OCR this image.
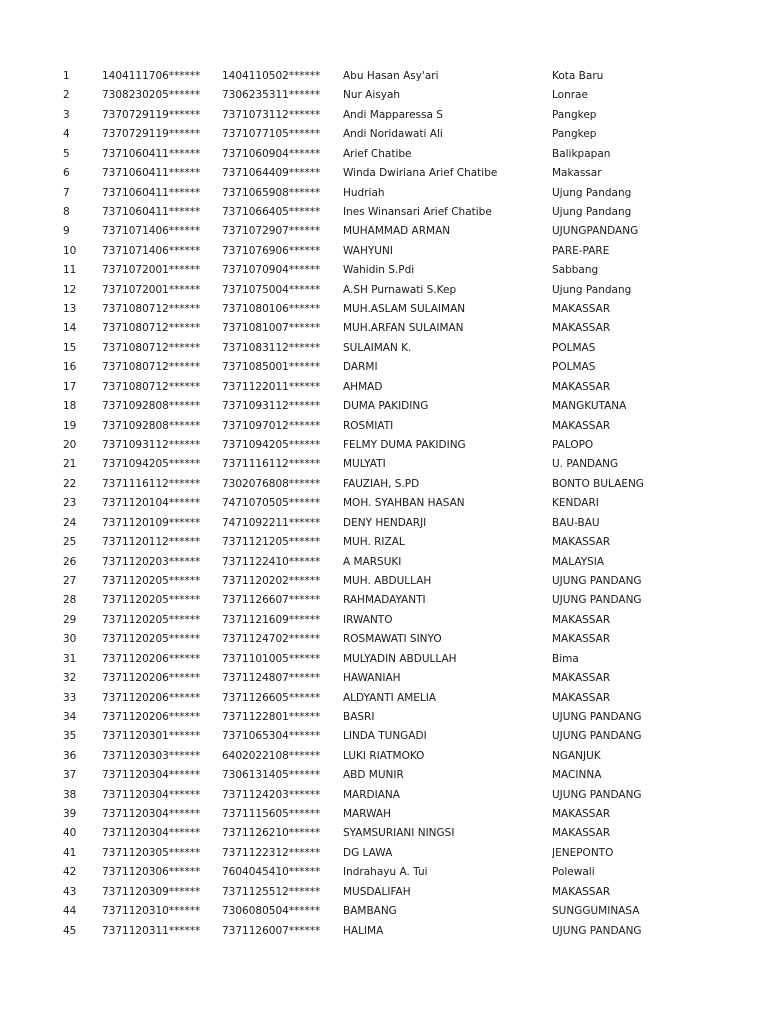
1	1404111706******	1404110502******	Abu Hasan Asy'ari	Kota Baru
2	7308230205******	7306235311******	Nur Aisyah	Lonrae
3	7370729119******	7371073112******	Andi Mapparessa S	Pangkep
4	7370729119******	7371077105******	Andi Noridawati Ali	Pangkep
5	7371060411******	7371060904******	Arief Chatibe	Balikpapan
6	7371060411******	7371064409******	Winda Dwiriana Arief Chatibe	Makassar
7	7371060411******	7371065908******	Hudriah	Ujung Pandang
8	7371060411******	7371066405******	Ines Winansari Arief Chatibe	Ujung Pandang
9	7371071406******	7371072907******	MUHAMMAD ARMAN	UJUNGPANDANG
10	7371071406******	7371076906******	WAHYUNI	PARE-PARE
11	7371072001******	7371070904******	Wahidin S.Pdi	Sabbang
12	7371072001******	7371075004******	A.SH Purnawati S.Kep	Ujung Pandang
13	7371080712******	7371080106******	MUH.ASLAM SULAIMAN	MAKASSAR
14	7371080712******	7371081007******	MUH.ARFAN SULAIMAN	MAKASSAR
15	7371080712******	7371083112******	SULAIMAN K.	POLMAS
16	7371080712******	7371085001******	DARMI	POLMAS
17	7371080712******	7371122011******	AHMAD	MAKASSAR
18	7371092808******	7371093112******	DUMA PAKIDING	MANGKUTANA
19	7371092808******	7371097012******	ROSMIATI	MAKASSAR
20	7371093112******	7371094205******	FELMY DUMA PAKIDING	PALOPO
21	7371094205******	7371116112******	MULYATI	U. PANDANG
22	7371116112******	7302076808******	FAUZIAH, S.PD	BONTO BULAENG
23	7371120104******	7471070505******	MOH. SYAHBAN HASAN	KENDARI
24	7371120109******	7471092211******	DENY HENDARJI	BAU-BAU
25	7371120112******	7371121205******	MUH. RIZAL	MAKASSAR
26	7371120203******	7371122410******	A MARSUKI	MALAYSIA
27	7371120205******	7371120202******	MUH. ABDULLAH	UJUNG PANDANG
28	7371120205******	7371126607******	RAHMADAYANTI	UJUNG PANDANG
29	7371120205******	7371121609******	IRWANTO	MAKASSAR
30	7371120205******	7371124702******	ROSMAWATI SINYO	MAKASSAR
31	7371120206******	7371101005******	MULYADIN ABDULLAH	Bima
32	7371120206******	7371124807******	HAWANIAH	MAKASSAR
33	7371120206******	7371126605******	ALDYANTI AMELIA	MAKASSAR
34	7371120206******	7371122801******	BASRI	UJUNG PANDANG
35	7371120301******	7371065304******	LINDA TUNGADI	UJUNG PANDANG
36	7371120303******	6402022108******	LUKI RIATMOKO	NGANJUK
37	7371120304******	7306131405******	ABD MUNIR	MACINNA
38	7371120304******	7371124203******	MARDIANA	UJUNG PANDANG
39	7371120304******	7371115605******	MARWAH	MAKASSAR
40	7371120304******	7371126210******	SYAMSURIANI NINGSI	MAKASSAR
41	7371120305******	7371122312******	DG LAWA	JENEPONTO
42	7371120306******	7604045410******	Indrahayu A. Tui	Polewali
43	7371120309******	7371125512******	MUSDALIFAH	MAKASSAR
44	7371120310******	7306080504******	BAMBANG	SUNGGUMINASA
45	7371120311******	7371126007******	HALIMA	UJUNG PANDANG
